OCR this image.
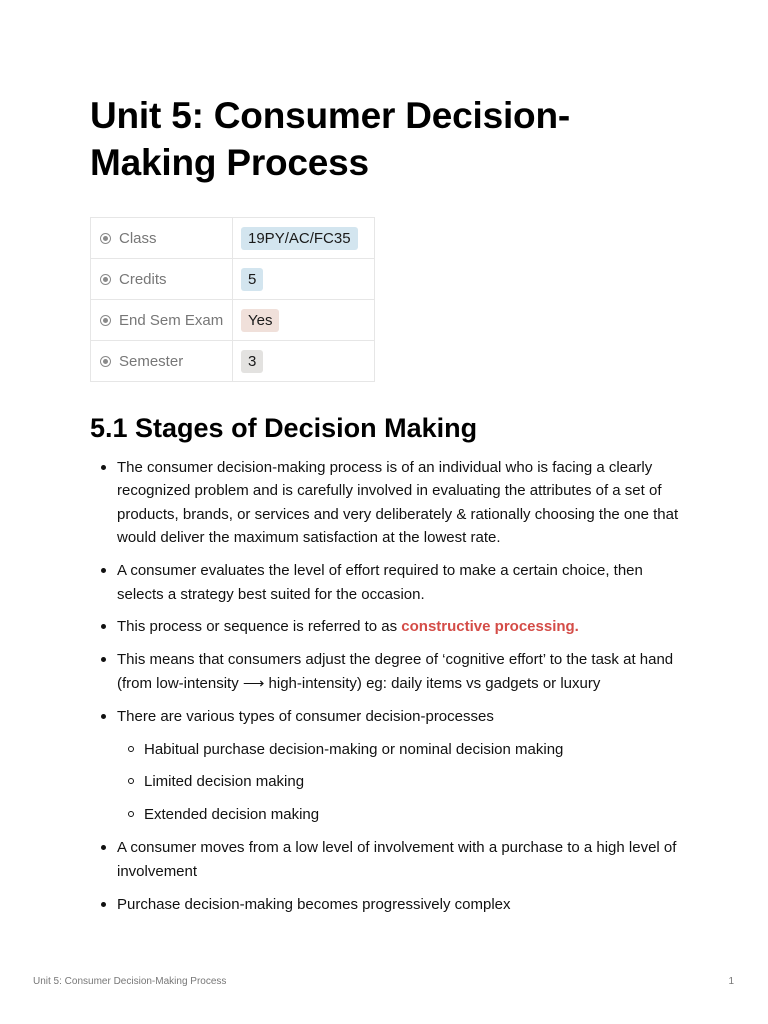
Unit 5: Consumer Decision-Making Process
Class	19PY/AC/FC35
Credits	5
End Sem Exam	Yes
Semester	3
5.1 Stages of Decision Making
The consumer decision-making process is of an individual who is facing a clearly recognized problem and is carefully involved in evaluating the attributes of a set of products, brands, or services and very deliberately & rationally choosing the one that would deliver the maximum satisfaction at the lowest rate.
A consumer evaluates the level of effort required to make a certain choice, then selects a strategy best suited for the occasion.
This process or sequence is referred to as constructive processing.
This means that consumers adjust the degree of ‘cognitive effort’ to the task at hand (from low-intensity ⟶ high-intensity) eg: daily items vs gadgets or luxury
There are various types of consumer decision-processes
Habitual purchase decision-making or nominal decision making
Limited decision making
Extended decision making
A consumer moves from a low level of involvement with a purchase to a high level of involvement
Purchase decision-making becomes progressively complex
Unit 5: Consumer Decision-Making Process	1
